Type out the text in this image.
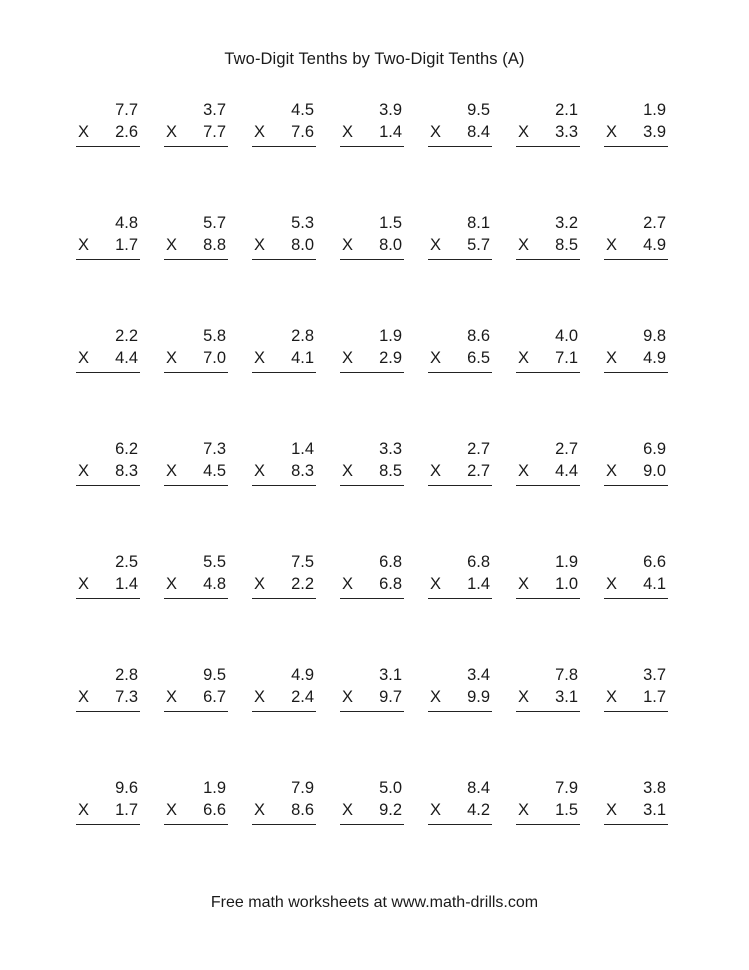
Two-Digit Tenths by Two-Digit Tenths (A)
7.7
X 2.6
3.7
X 7.7
4.5
X 7.6
3.9
X 1.4
9.5
X 8.4
2.1
X 3.3
1.9
X 3.9
4.8
X 1.7
5.7
X 8.8
5.3
X 8.0
1.5
X 8.0
8.1
X 5.7
3.2
X 8.5
2.7
X 4.9
2.2
X 4.4
5.8
X 7.0
2.8
X 4.1
1.9
X 2.9
8.6
X 6.5
4.0
X 7.1
9.8
X 4.9
6.2
X 8.3
7.3
X 4.5
1.4
X 8.3
3.3
X 8.5
2.7
X 2.7
2.7
X 4.4
6.9
X 9.0
2.5
X 1.4
5.5
X 4.8
7.5
X 2.2
6.8
X 6.8
6.8
X 1.4
1.9
X 1.0
6.6
X 4.1
2.8
X 7.3
9.5
X 6.7
4.9
X 2.4
3.1
X 9.7
3.4
X 9.9
7.8
X 3.1
3.7
X 1.7
9.6
X 1.7
1.9
X 6.6
7.9
X 8.6
5.0
X 9.2
8.4
X 4.2
7.9
X 1.5
3.8
X 3.1
Free math worksheets at www.math-drills.com
